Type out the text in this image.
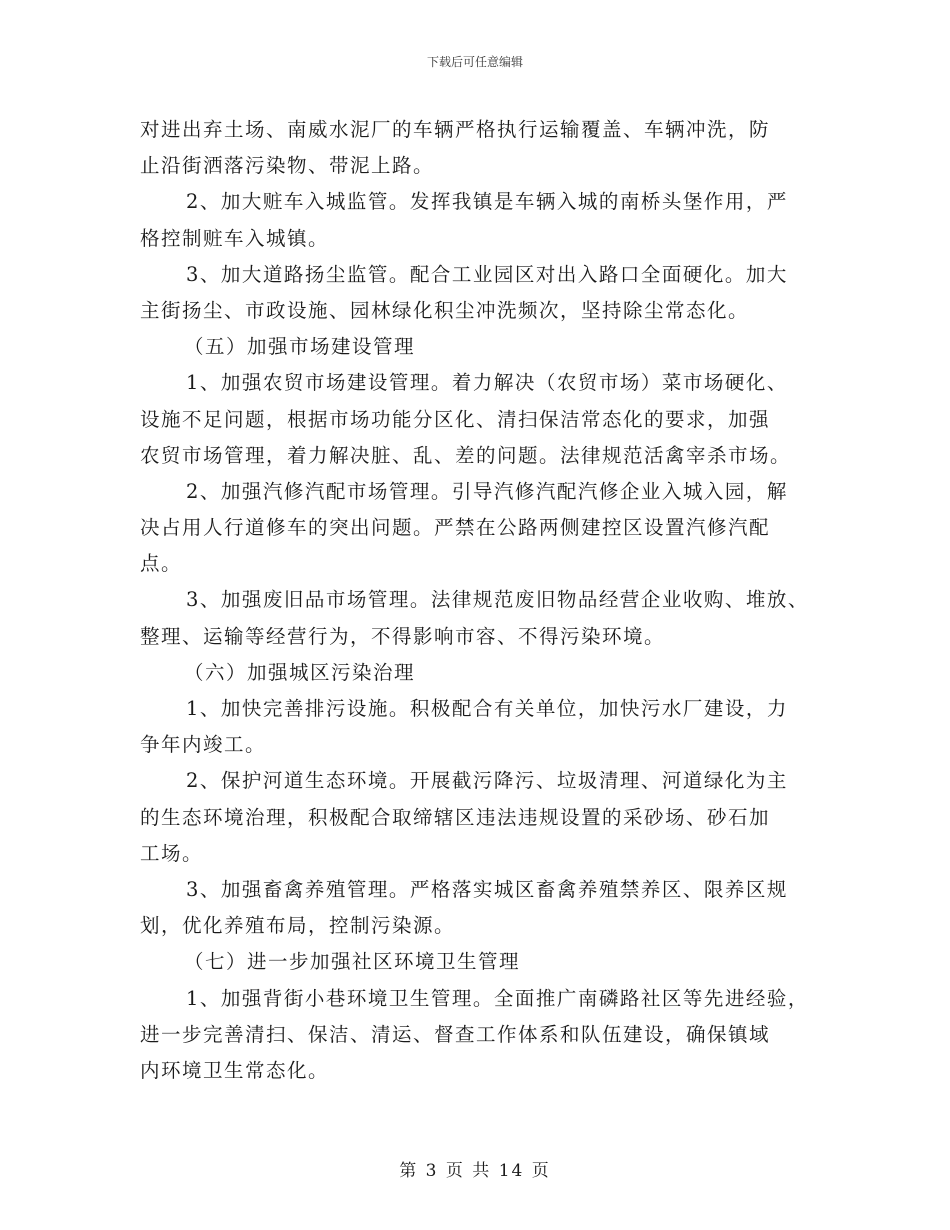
下载后可任意编辑
对进出弃土场、南威水泥厂的车辆严格执行运输覆盖、车辆冲洗，防
止沿街洒落污染物、带泥上路。
2、加大赃车入城监管。发挥我镇是车辆入城的南桥头堡作用，严
格控制赃车入城镇。
3、加大道路扬尘监管。配合工业园区对出入路口全面硬化。加大
主街扬尘、市政设施、园林绿化积尘冲洗频次，坚持除尘常态化。
（五）加强市场建设管理
1、加强农贸市场建设管理。着力解决（农贸市场）菜市场硬化、
设施不足问题，根据市场功能分区化、清扫保洁常态化的要求，加强
农贸市场管理，着力解决脏、乱、差的问题。法律规范活禽宰杀市场。
2、加强汽修汽配市场管理。引导汽修汽配汽修企业入城入园，解
决占用人行道修车的突出问题。严禁在公路两侧建控区设置汽修汽配
点。
3、加强废旧品市场管理。法律规范废旧物品经营企业收购、堆放、
整理、运输等经营行为，不得影响市容、不得污染环境。
（六）加强城区污染治理
1、加快完善排污设施。积极配合有关单位，加快污水厂建设，力
争年内竣工。
2、保护河道生态环境。开展截污降污、垃圾清理、河道绿化为主
的生态环境治理，积极配合取缔辖区违法违规设置的采砂场、砂石加
工场。
3、加强畜禽养殖管理。严格落实城区畜禽养殖禁养区、限养区规
划，优化养殖布局，控制污染源。
（七）进一步加强社区环境卫生管理
1、加强背街小巷环境卫生管理。全面推广南磷路社区等先进经验，
进一步完善清扫、保洁、清运、督查工作体系和队伍建设，确保镇域
内环境卫生常态化。
第 3 页 共 14 页
